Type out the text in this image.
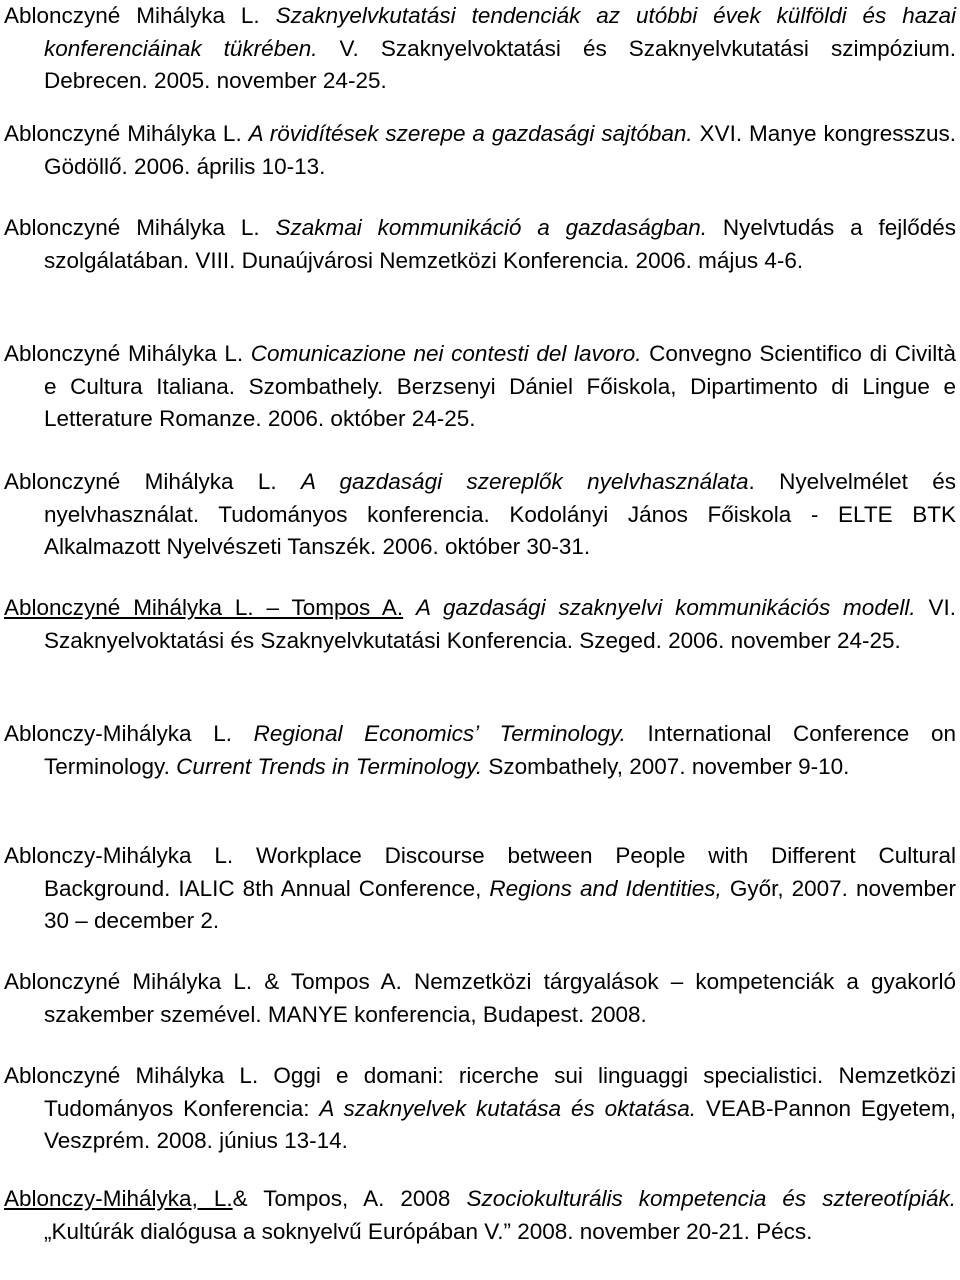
Ablonczyné Mihályka L. Szaknyelvkutatási tendenciák az utóbbi évek külföldi és hazai konferenciáinak tükrében. V. Szaknyelvoktatási és Szaknyelvkutatási szimpózium. Debrecen. 2005. november 24-25.
Ablonczyné Mihályka L. A rövidítések szerepe a gazdasági sajtóban. XVI. Manye kongresszus. Gödöllő. 2006. április 10-13.
Ablonczyné Mihályka L. Szakmai kommunikáció a gazdaságban. Nyelvtudás a fejlődés szolgálatában. VIII. Dunaújvárosi Nemzetközi Konferencia. 2006. május 4-6.
Ablonczyné Mihályka L. Comunicazione nei contesti del lavoro. Convegno Scientifico di Civiltà e Cultura Italiana. Szombathely. Berzsenyi Dániel Főiskola, Dipartimento di Lingue e Letterature Romanze. 2006. október 24-25.
Ablonczyné Mihályka L. A gazdasági szereplők nyelvhasználata. Nyelvelmélet és nyelvhasználat. Tudományos konferencia. Kodolányi János Főiskola - ELTE BTK Alkalmazott Nyelvészeti Tanszék. 2006. október 30-31.
Ablonczyné Mihályka L. – Tompos A. A gazdasági szaknyelvi kommunikációs modell. VI. Szaknyelvoktatási és Szaknyelvkutatási Konferencia. Szeged. 2006. november 24-25.
Ablonczy-Mihályka L. Regional Economics’ Terminology. International Conference on Terminology. Current Trends in Terminology. Szombathely, 2007. november 9-10.
Ablonczy-Mihályka L. Workplace Discourse between People with Different Cultural Background. IALIC 8th Annual Conference, Regions and Identities, Győr, 2007. november 30 – december 2.
Ablonczyné Mihályka L. & Tompos A. Nemzetközi tárgyalások – kompetenciák a gyakorló szakember szemével. MANYE konferencia, Budapest. 2008.
Ablonczyné Mihályka L. Oggi e domani: ricerche sui linguaggi specialistici. Nemzetközi Tudományos Konferencia: A szaknyelvek kutatása és oktatása. VEAB-Pannon Egyetem, Veszprém. 2008. június 13-14.
Ablonczy-Mihályka, L.& Tompos, A. 2008 Szociokulturális kompetencia és sztereotípiák. „Kultúrák dialógusa a soknyelvű Európában V.” 2008. november 20-21. Pécs.
